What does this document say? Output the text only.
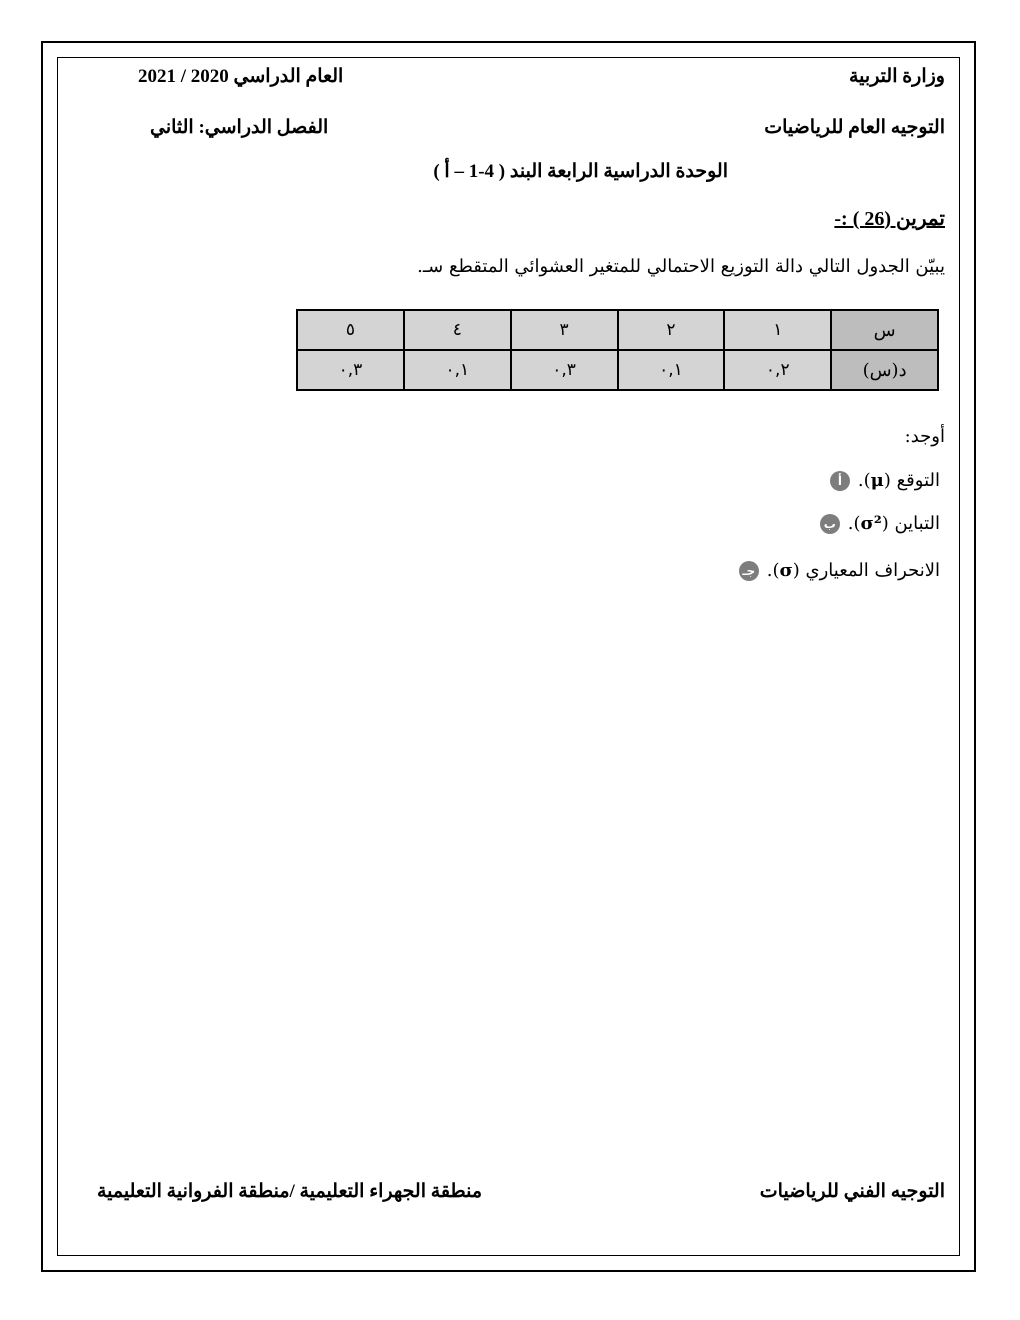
وزارة التربية
العام الدراسي 2020 / 2021
التوجيه العام للرياضيات
الفصل الدراسي: الثاني
الوحدة الدراسية الرابعة البند ( 4-1 – أ )
تمرين (26 ) :-
يبيّن الجدول التالي دالة التوزيع الاحتمالي للمتغير العشوائي المتقطع سـ.
س	١	٢	٣	٤	٥
د(س)	٠,٢	٠,١	٠,٣	٠,١	٠,٣
أوجد:
أ	التوقع (μ).
ب	التباين (σ²).
جـ	الانحراف المعياري (σ).
التوجيه الفني للرياضيات
منطقة الجهراء التعليمية /منطقة الفروانية التعليمية
